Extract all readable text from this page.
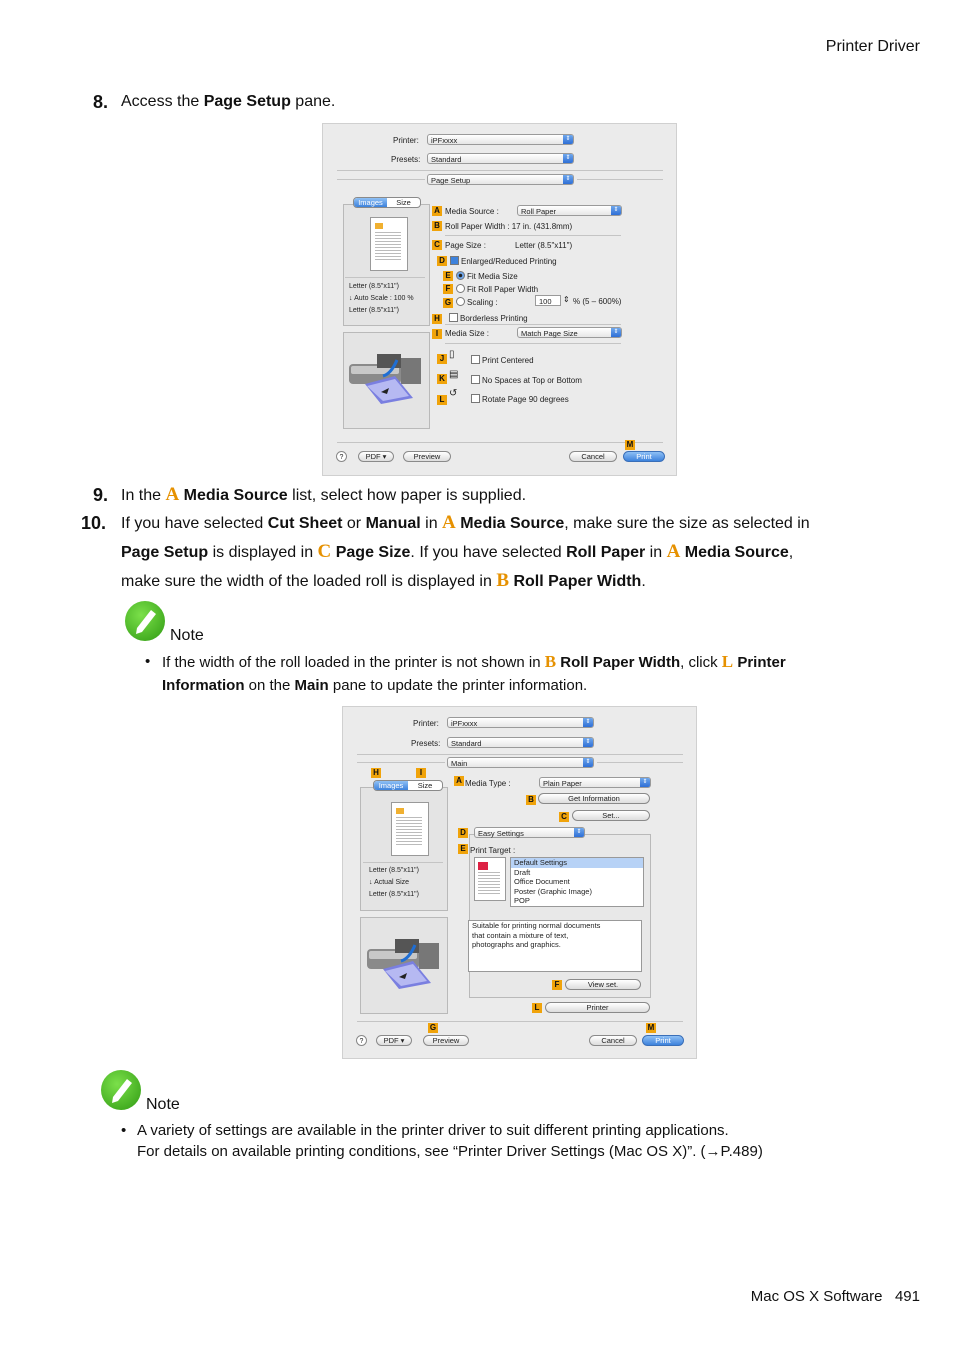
Printer Driver
8. Access the Page Setup pane.
Printer:	iPFxxxx	⇕
Presets:	Standard	⇕
Page Setup	⇕
Images	Size
Letter (8.5"x11")
↓ Auto Scale : 100 %
Letter (8.5"x11")
A Media Source :	Roll Paper	⇕
B Roll Paper Width : 17 in. (431.8mm)
C Page Size :	Letter (8.5"x11")
D	Enlarged/Reduced Printing
E	Fit Media Size
F	Fit Roll Paper Width
G	Scaling :	100	⇕ % (5 – 600%)
H	Borderless Printing
I Media Size :	Match Page Size	⇕
J ▯
Print Centered
K ▤
No Spaces at Top or Bottom
L
↺
Rotate Page 90 degrees
M
?	PDF ▾	Preview	Cancel	Print
9. In the A Media Source list, select how paper is supplied.
10. If you have selected Cut Sheet or Manual in A Media Source, make sure the size as selected in
Page Setup is displayed in C Page Size. If you have selected Roll Paper in A Media Source,
make sure the width of the loaded roll is displayed in B Roll Paper Width.
Note
• If the width of the roll loaded in the printer is not shown in B Roll Paper Width, click L Printer
Information on the Main pane to update the printer information.
Printer:	iPFxxxx	⇕
Presets:	Standard	⇕
Main	⇕
H	I
Images	Size
Letter (8.5"x11")
↓ Actual Size
Letter (8.5"x11")
A Media Type :	Plain Paper	⇕
B	Get Information
C	Set...
D	Easy Settings	⇕
E Print Target :
Default Settings
Draft
Office Document
Poster (Graphic Image)
POP
Suitable for printing normal documents
that contain a mixture of text,
photographs and graphics.
F	View set.
L	Printer
G	M
?	PDF ▾	Preview	Cancel	Print
Note
• A variety of settings are available in the printer driver to suit different printing applications.
For details on available printing conditions, see “Printer Driver Settings (Mac OS X)”. (→P.489)
Mac OS X Software 491
